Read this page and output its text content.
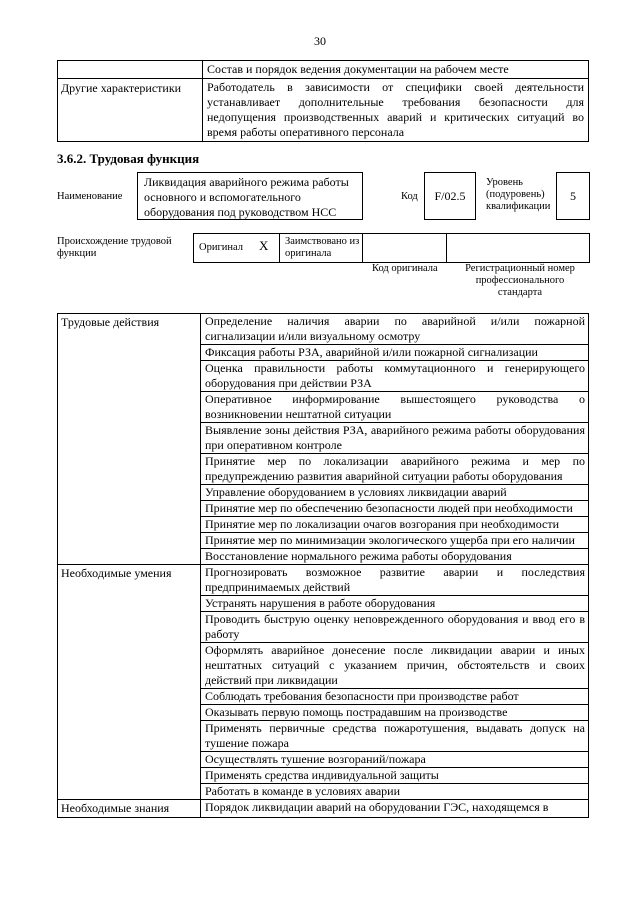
30
	Состав и порядок ведения документации на рабочем месте
Другие характеристики	Работодатель в зависимости от специфики своей деятельности устанавливает дополнительные требования безопасности для недопущения производственных аварий и критических ситуаций во время работы оперативного персонала
3.6.2. Трудовая функция
Наименование
Ликвидация аварийного режима работы основного и вспомогательного оборудования под руководством НСС
Код	F/02.5
Уровень (подуровень) квалификации
5
Происхождение трудовой функции
Оригинал X Заимствовано из оригинала
Код оригинала	Регистрационный номер профессионального стандарта
Трудовые действия	Определение наличия аварии по аварийной и/или пожарной сигнализации и/или визуальному осмотру
	Фиксация работы РЗА, аварийной и/или пожарной сигнализации
	Оценка правильности работы коммутационного и генерирующего оборудования при действии РЗА
	Оперативное информирование вышестоящего руководства о возникновении нештатной ситуации
	Выявление зоны действия РЗА, аварийного режима работы оборудования при оперативном контроле
	Принятие мер по локализации аварийного режима и мер по предупреждению развития аварийной ситуации работы оборудования
	Управление оборудованием в условиях ликвидации аварий
	Принятие мер по обеспечению безопасности людей при необходимости
	Принятие мер по локализации очагов возгорания при необходимости
	Принятие мер по минимизации экологического ущерба при его наличии
	Восстановление нормального режима работы оборудования
Необходимые умения	Прогнозировать возможное развитие аварии и последствия предпринимаемых действий
	Устранять нарушения в работе оборудования
	Проводить быструю оценку неповрежденного оборудования и ввод его в работу
	Оформлять аварийное донесение после ликвидации аварии и иных нештатных ситуаций с указанием причин, обстоятельств и своих действий при ликвидации
	Соблюдать требования безопасности при производстве работ
	Оказывать первую помощь пострадавшим на производстве
	Применять первичные средства пожаротушения, выдавать допуск на тушение пожара
	Осуществлять тушение возгораний/пожара
	Применять средства индивидуальной защиты
	Работать в команде в условиях аварии
Необходимые знания	Порядок ликвидации аварий на оборудовании ГЭС, находящемся в
